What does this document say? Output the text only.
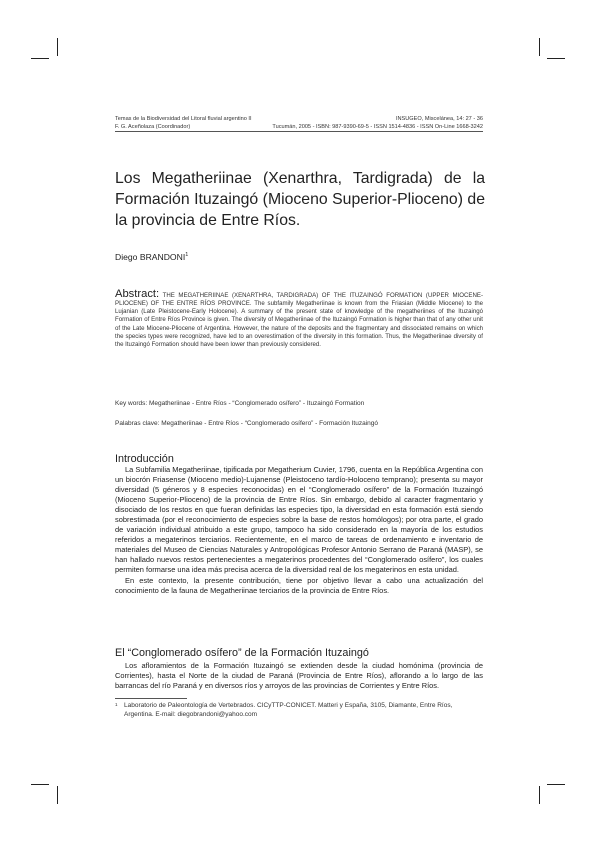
Temas de la Biodiversidad del Litoral fluvial argentino II	INSUGEO, Miscelánea, 14: 27 - 36
F. G. Aceñolaza (Coordinador)	Tucumán, 2005 - ISBN: 987-9390-69-5 - ISSN 1514-4836 - ISSN On-Line 1668-3242
Los Megatheriinae (Xenarthra, Tardigrada) de la Formación Ituzaingó (Mioceno Superior-Plioceno) de la provincia de Entre Ríos.
Diego BRANDONI$^1$
Abstract: THE MEGATHERIINAE (XENARTHRA, TARDIGRADA) OF THE ITUZAINGÓ FORMATION (UPPER MIOCENE-PLIOCENE) OF THE ENTRE RÍOS PROVINCE. The subfamily Megatheriinae is known from the Friasian (Middle Miocene) to the Lujanian (Late Pleistocene-Early Holocene). A summary of the present state of knowledge of the megatheriines of the Ituzaingó Formation of Entre Ríos Province is given. The diversity of Megatheriinae of the Ituzaingó Formation is higher than that of any other unit of the Late Miocene-Pliocene of Argentina. However, the nature of the deposits and the fragmentary and dissociated remains on which the species types were recognized, have led to an overestimation of the diversity in this formation. Thus, the Megatheriinae diversity of the Ituzaingó Formation should have been lower than previously considered.
Key words: Megatheriinae - Entre Ríos - “Conglomerado osífero” - Ituzaingó Formation
Palabras clave: Megatheriinae - Entre Ríos - “Conglomerado osífero” - Formación Ituzaingó
Introducción

La Subfamilia Megatheriinae, tipificada por Megatherium Cuvier, 1796, cuenta en la República Argentina con un biocrón Friasense (Mioceno medio)-Lujanense (Pleistoceno tardío-Holoceno temprano); presenta su mayor diversidad (5 géneros y 8 especies reconocidas) en el “Conglomerado osífero” de la Formación Ituzaingó (Mioceno Superior-Plioceno) de la provincia de Entre Ríos. Sin embargo, debido al caracter fragmentario y disociado de los restos en que fueran definidas las especies tipo, la diversidad en esta formación está siendo sobrestimada (por el reconocimiento de especies sobre la base de restos homólogos); por otra parte, el grado de variación individual atribuido a este grupo, tampoco ha sido considerado en la mayoría de los estudios referidos a megaterinos terciarios. Recientemente, en el marco de tareas de ordenamiento e inventario de materiales del Museo de Ciencias Naturales y Antropológicas Profesor Antonio Serrano de Paraná (MASP), se han hallado nuevos restos pertenecientes a megaterinos procedentes del “Conglomerado osífero”, los cuales permiten formarse una idea más precisa acerca de la diversidad real de los megaterinos en esta unidad.

En este contexto, la presente contribución, tiene por objetivo llevar a cabo una actualización del conocimiento de la fauna de Megatheriinae terciarios de la provincia de Entre Ríos.

El “Conglomerado osífero” de la Formación Ituzaingó

Los afloramientos de la Formación Ituzaingó se extienden desde la ciudad homónima (provincia de Corrientes), hasta el Norte de la ciudad de Paraná (Provincia de Entre Ríos), aflorando a lo largo de las barrancas del río Paraná y en diversos ríos y arroyos de las provincias de Corrientes y Entre Ríos.

1 Laboratorio de Paleontología de Vertebrados. CICyTTP-CONICET. Matteri y España, 3105, Diamante, Entre Ríos, Argentina. E-mail: diegobrandoni@yahoo.com
